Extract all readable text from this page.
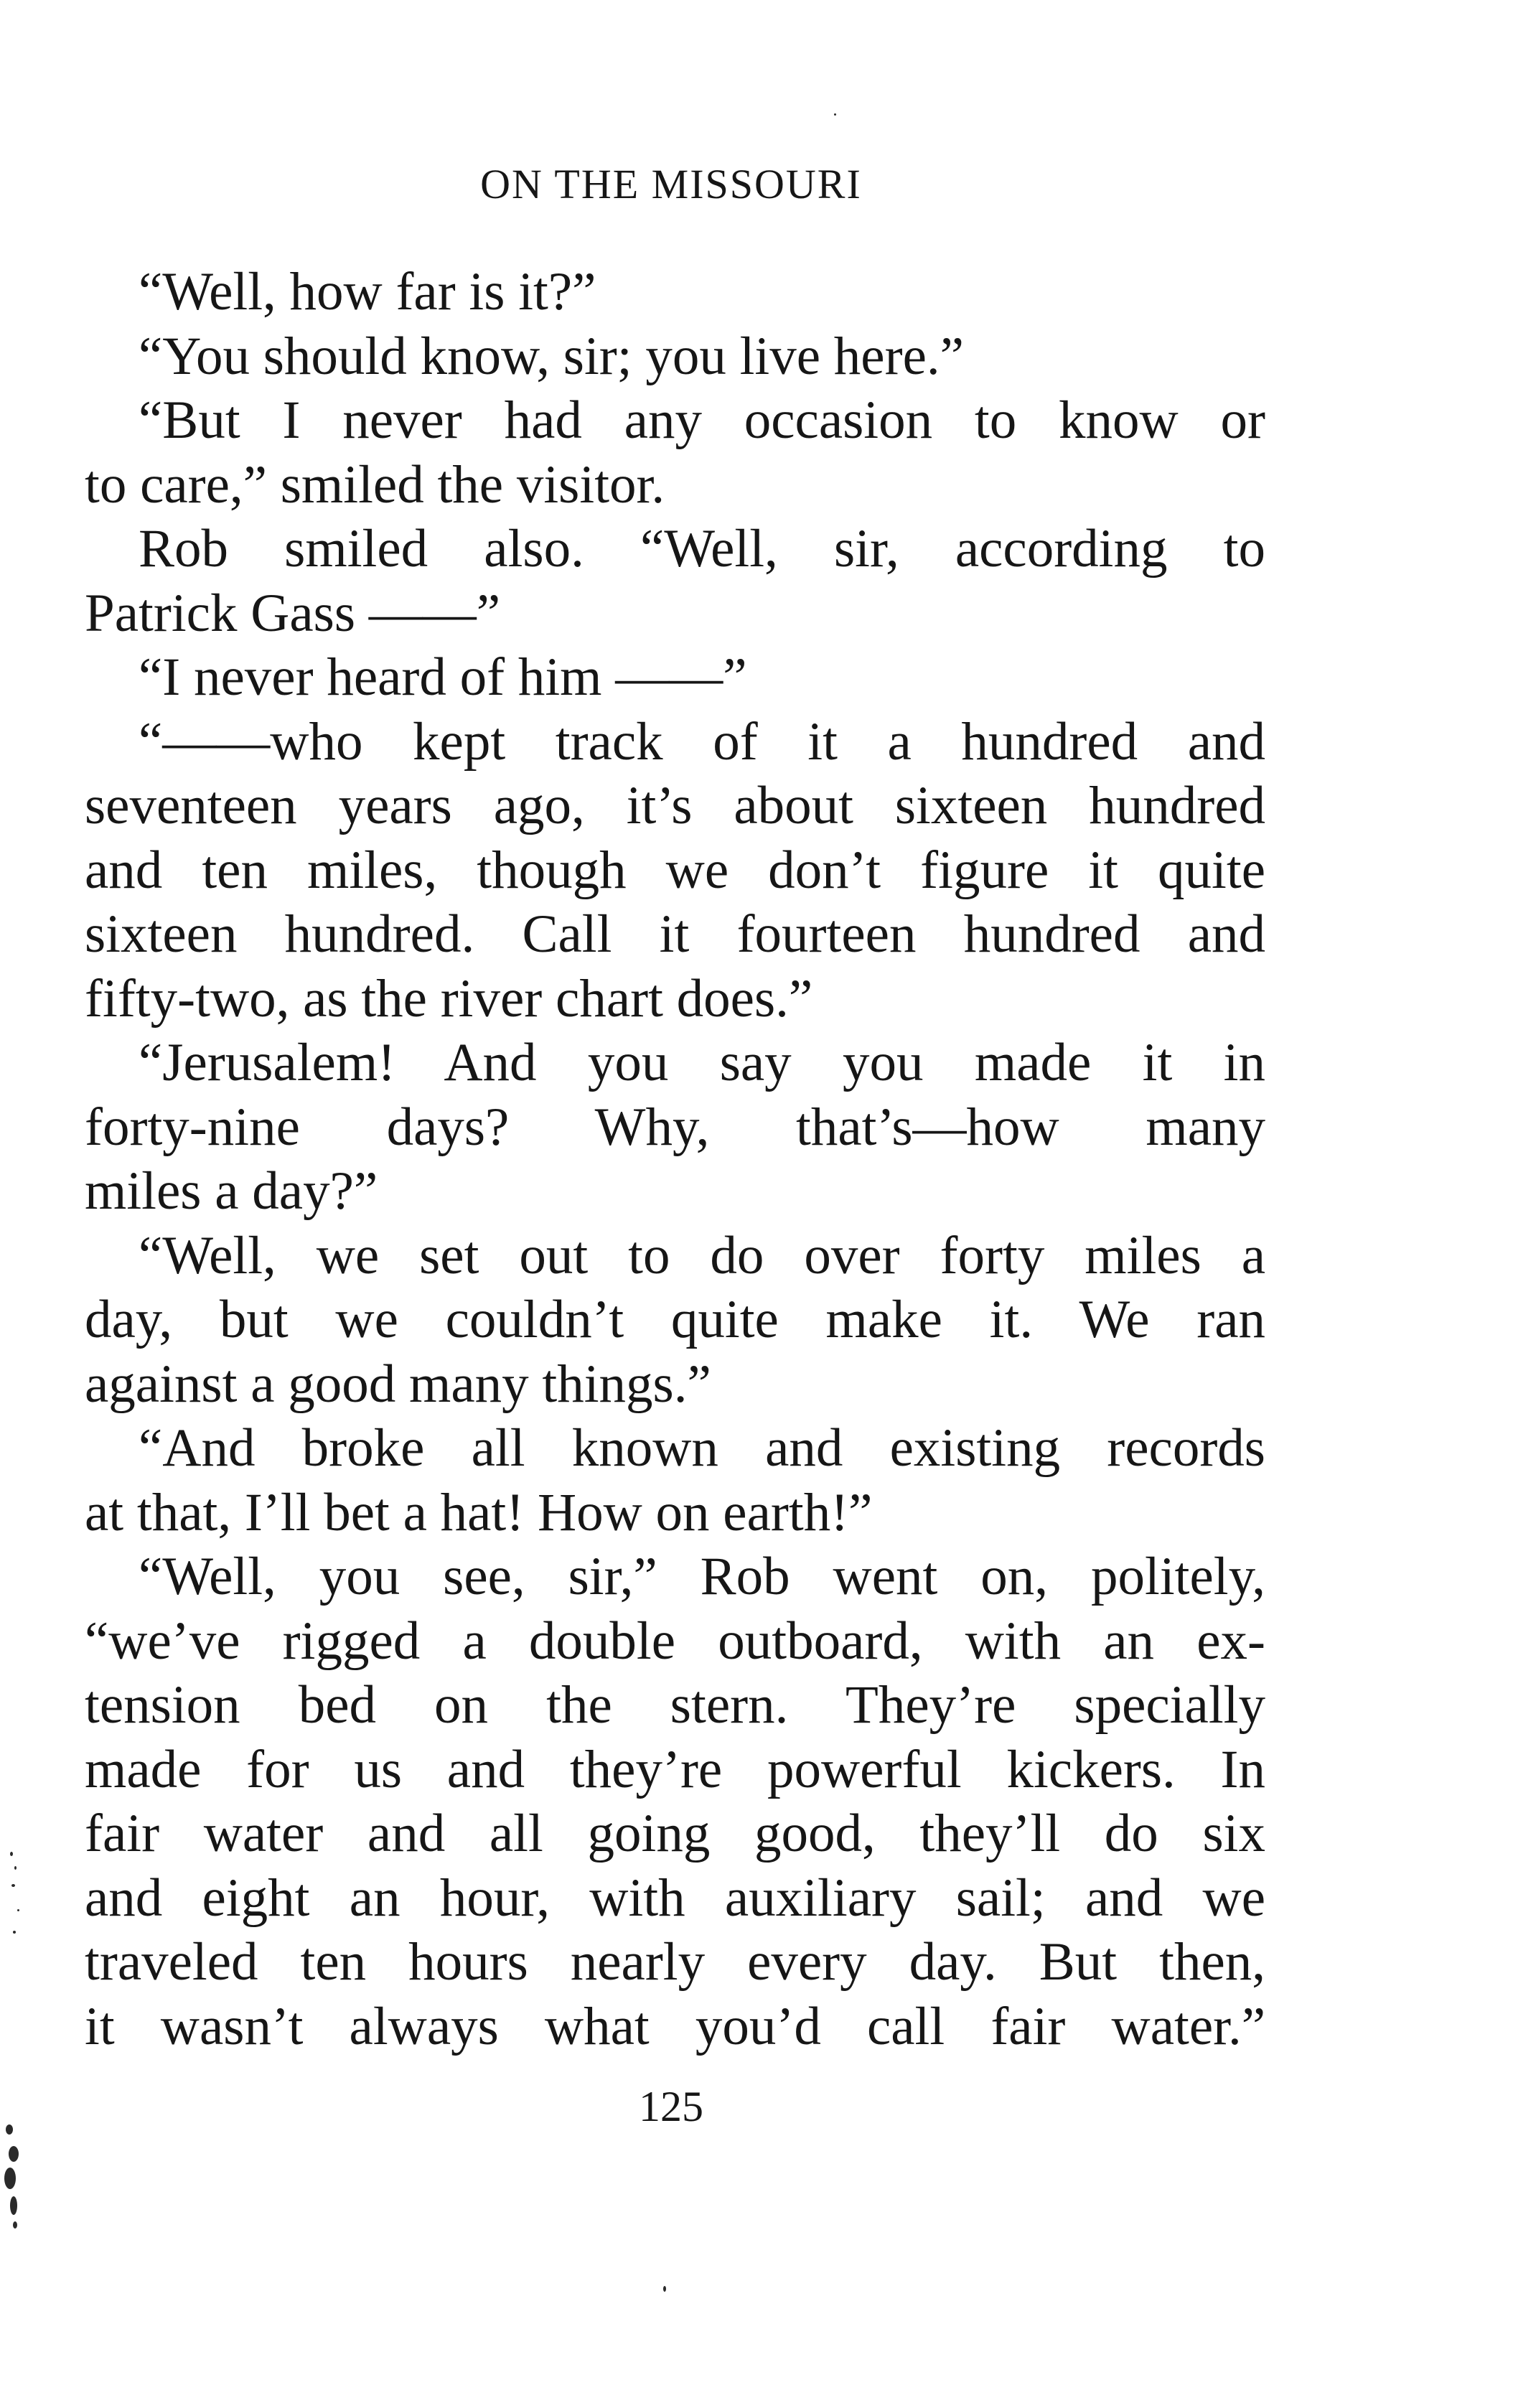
ON THE MISSOURI
“Well, how far is it?”
“You should know, sir; you live here.”
“But I never had any occasion to know or
to care,” smiled the visitor.
Rob smiled also. “Well, sir, according to
Patrick Gass ——”
“I never heard of him ——”
“——who kept track of it a hundred and
seventeen years ago, it’s about sixteen hundred
and ten miles, though we don’t figure it quite
sixteen hundred. Call it fourteen hundred and
fifty-two, as the river chart does.”
“Jerusalem! And you say you made it in
forty-nine days? Why, that’s—how many
miles a day?”
“Well, we set out to do over forty miles a
day, but we couldn’t quite make it. We ran
against a good many things.”
“And broke all known and existing records
at that, I’ll bet a hat! How on earth!”
“Well, you see, sir,” Rob went on, politely,
“we’ve rigged a double outboard, with an ex-
tension bed on the stern. They’re specially
made for us and they’re powerful kickers. In
fair water and all going good, they’ll do six
and eight an hour, with auxiliary sail; and we
traveled ten hours nearly every day. But then,
it wasn’t always what you’d call fair water.”
125
